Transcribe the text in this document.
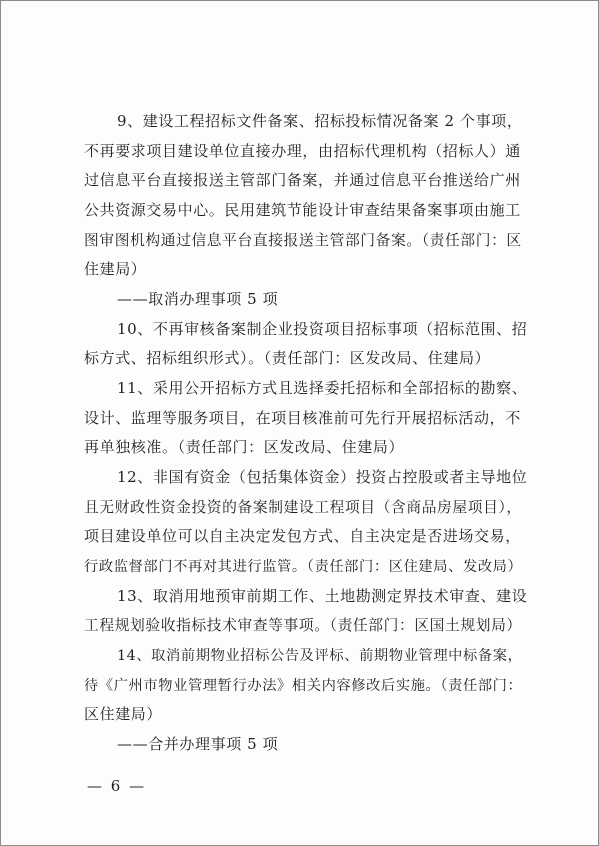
9、建设工程招标文件备案、招标投标情况备案 2 个事项，
不再要求项目建设单位直接办理，由招标代理机构（招标人）通
过信息平台直接报送主管部门备案，并通过信息平台推送给广州
公共资源交易中心。民用建筑节能设计审查结果备案事项由施工
图审图机构通过信息平台直接报送主管部门备案。（责任部门：区
住建局）
——取消办理事项 5 项
10、不再审核备案制企业投资项目招标事项（招标范围、招
标方式、招标组织形式）。（责任部门：区发改局、住建局）
11、采用公开招标方式且选择委托招标和全部招标的勘察、
设计、监理等服务项目，在项目核准前可先行开展招标活动，不
再单独核准。（责任部门：区发改局、住建局）
12、非国有资金（包括集体资金）投资占控股或者主导地位
且无财政性资金投资的备案制建设工程项目（含商品房屋项目），
项目建设单位可以自主决定发包方式、自主决定是否进场交易，
行政监督部门不再对其进行监管。（责任部门：区住建局、发改局）
13、取消用地预审前期工作、土地勘测定界技术审查、建设
工程规划验收指标技术审查等事项。（责任部门：区国土规划局）
14、取消前期物业招标公告及评标、前期物业管理中标备案，
待《广州市物业管理暂行办法》相关内容修改后实施。（责任部门：
区住建局）
——合并办理事项 5 项
— 6 —
